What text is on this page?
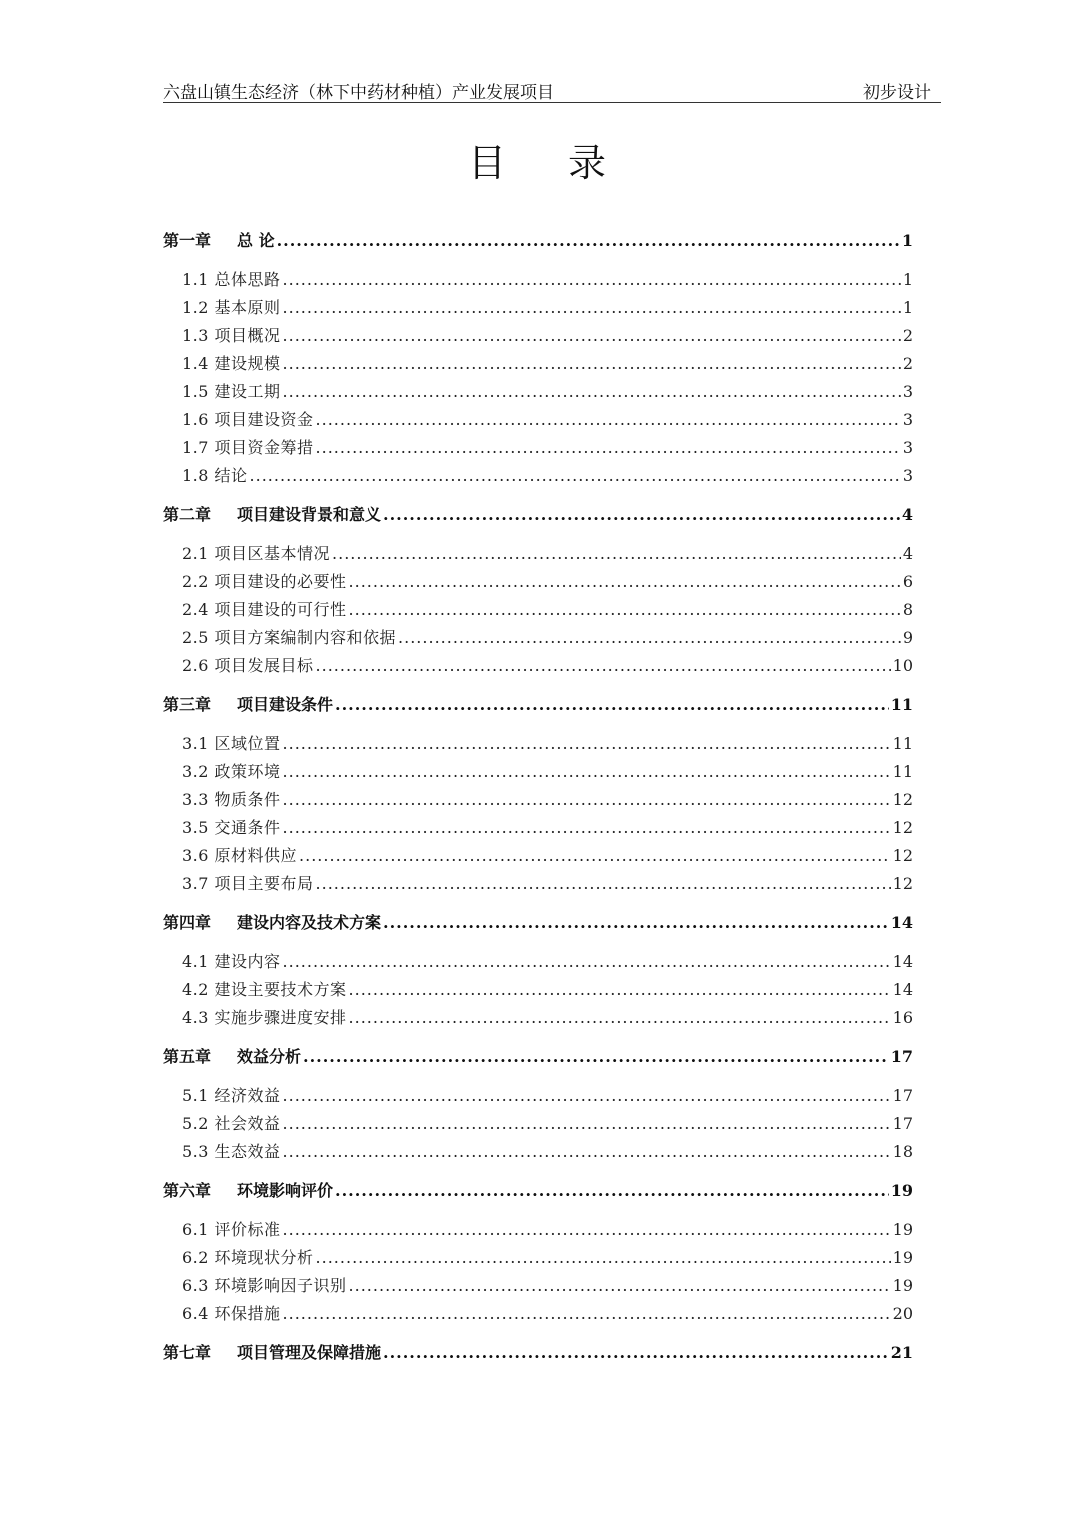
六盘山镇生态经济（林下中药材种植）产业发展项目	初步设计
目 录
第一章 总 论 .....	1
1.1 总体思路 .....	1
1.2 基本原则 .....	1
1.3 项目概况 .....	2
1.4 建设规模 .....	2
1.5 建设工期 .....	3
1.6 项目建设资金 .....	3
1.7 项目资金筹措 .....	3
1.8 结论 .....	3
第二章 项目建设背景和意义 .....	4
2.1 项目区基本情况 .....	4
2.2 项目建设的必要性 .....	6
2.4 项目建设的可行性 .....	8
2.5 项目方案编制内容和依据 .....	9
2.6 项目发展目标 .....	10
第三章 项目建设条件 .....	11
3.1 区域位置 .....	11
3.2 政策环境 .....	11
3.3 物质条件 .....	12
3.5 交通条件 .....	12
3.6 原材料供应 .....	12
3.7 项目主要布局 .....	12
第四章 建设内容及技术方案 .....	14
4.1 建设内容 .....	14
4.2 建设主要技术方案 .....	14
4.3 实施步骤进度安排 .....	16
第五章 效益分析 .....	17
5.1 经济效益 .....	17
5.2 社会效益 .....	17
5.3 生态效益 .....	18
第六章 环境影响评价 .....	19
6.1 评价标准 .....	19
6.2 环境现状分析 .....	19
6.3 环境影响因子识别 .....	19
6.4 环保措施 .....	20
第七章 项目管理及保障措施 .....	21
